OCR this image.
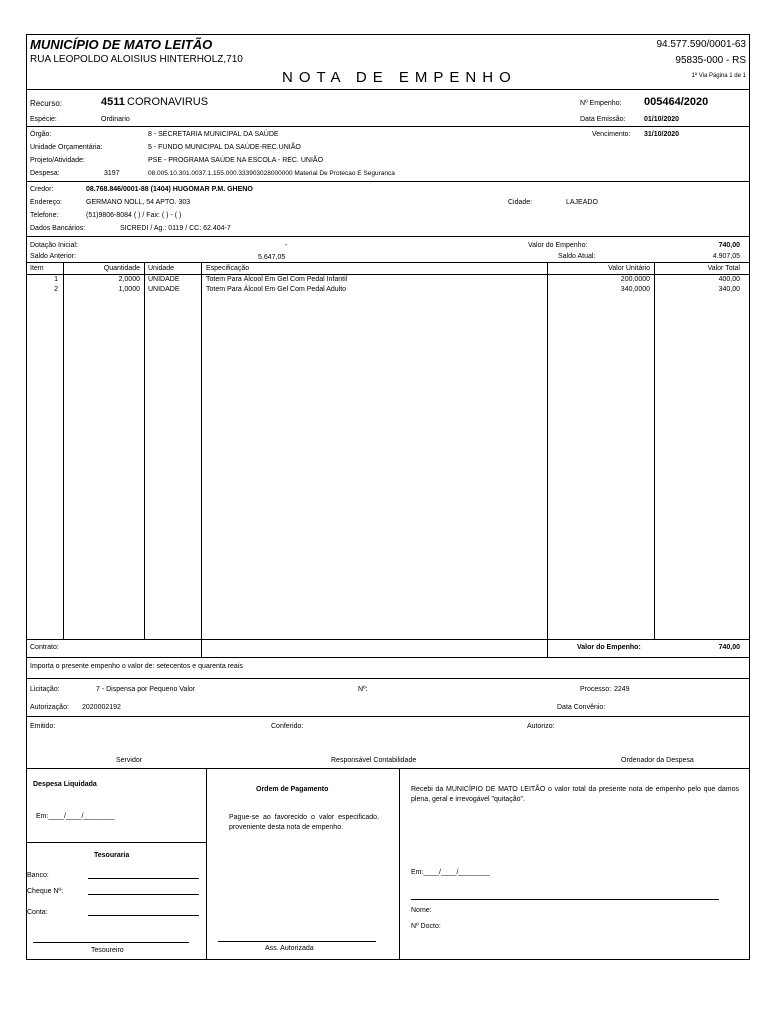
MUNICÍPIO DE MATO LEITÃO
RUA LEOPOLDO ALOISIUS HINTERHOLZ,710
94.577.590/0001-63
95835-000 - RS
NOTA DE EMPENHO	1ª Via Página 1 de 1
Recurso:	4511 CORONAVIRUS
Espécie:	Ordinario
Nº Empenho: 005464/2020
Data Emissão:	01/10/2020
Órgão:	8 - SECRETARIA MUNICIPAL DA SAÚDE
Unidade Orçamentária:	5 - FUNDO MUNICIPAL DA SAÚDE-REC.UNIÃO
Projeto/Atividade:	PSE - PROGRAMA SAÚDE NA ESCOLA - REC. UNIÃO
Despesa:	3197	08.005.10.301.0037.1.155.000.333903028000000 Material De Protecao E Seguranca
Vencimento: 31/10/2020
Credor:	08.768.846/0001-88 (1404) HUGOMAR P.M. GHENO
Endereço:	GERMANO NOLL, 54 APTO. 303	Cidade:	LAJEADO
Telefone:	(51)9806-8084 ( ) / Fax: ( ) - ( )
Dados Bancários:	SICREDI / Ag.: 0119 / CC: 62.404-7
Dotação Inicial:	-	Valor do Empenho:	740,00
Saldo Anterior:	5.647,05	Saldo Atual:	4.907,05
Item	Quantidade Unidade	Especificação	Valor Unitário	Valor Total
1	2,0000 UNIDADE	Totem Para Álcool Em Gel Com Pedal Infantil	200,0000	400,00
2	1,0000 UNIDADE	Totem Para Álcool Em Gel Com Pedal Adulto	340,0000	340,00
Contrato:	Valor do Empenho:	740,00
Importa o presente empenho o valor de: setecentos e quarenta reais
Licitação:	7 - Dispensa por Pequeno Valor	Nº:	Processo: 2249
Autorização: 2020002192	Data Convênio:
Emitido:	Conferido:	Autorizo:
Servidor	Responsável Contabilidade	Ordenador da Despesa
Despesa Liquidada
Em:____/____/________
Tesouraria
Banco:
Cheque Nº:
Conta:
Tesoureiro
Ordem de Pagamento
Pague-se ao favorecido o valor especificado, proveniente desta nota de empenho.
Ass. Autorizada
Recebi da MUNICÍPIO DE MATO LEITÃO o valor total da presente nota de empenho pelo que damos plena, geral e irrevogável "quitação".
Em:____/____/________
Nome:
Nº Docto:
